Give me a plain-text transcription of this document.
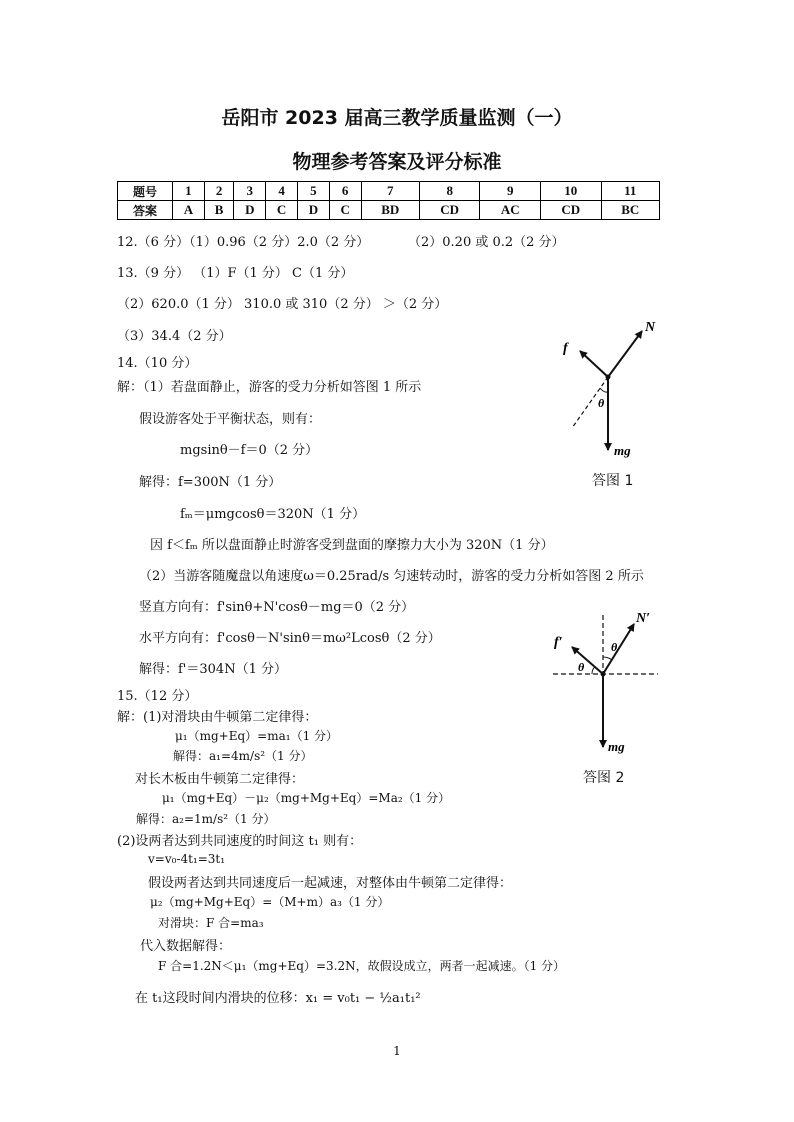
岳阳市 2023 届高三教学质量监测（一）
物理参考答案及评分标准
题号	1	2	3	4	5	6	7	8	9	10	11
答案	A	B	D	C	D	C	BD	CD	AC	CD	BC
12.（6 分）（1）0.96（2 分）2.0（2 分）	（2）0.20 或 0.2（2 分）
13.（9 分） （1）F（1 分） C（1 分）
（2）620.0（1 分） 310.0 或 310（2 分） ＞（2 分）
（3）34.4（2 分）
14.（10 分）
解：（1）若盘面静止，游客的受力分析如答图 1 所示
假设游客处于平衡状态，则有：
mgsinθ－f＝0（2 分）
解得：f=300N（1 分）
fₘ＝μmgcosθ＝320N（1 分）
因 f＜fₘ 所以盘面静止时游客受到盘面的摩擦力大小为 320N（1 分）
（2）当游客随魔盘以角速度ω＝0.25rad/s 匀速转动时，游客的受力分析如答图 2 所示
竖直方向有：f'sinθ+N'cosθ－mg＝0（2 分）
水平方向有：f'cosθ－N'sinθ＝mω²Lcosθ（2 分）
解得：f'＝304N（1 分）
15.（12 分）
解：(1)对滑块由牛顿第二定律得：
μ₁（mg+Eq）=ma₁（1 分）
解得：a₁=4m/s²（1 分）
对长木板由牛顿第二定律得：
μ₁（mg+Eq）－μ₂（mg+Mg+Eq）=Ma₂（1 分）
解得：a₂=1m/s²（1 分）
(2)设两者达到共同速度的时间这 t₁ 则有：
v=v₀-4t₁=3t₁
假设两者达到共同速度后一起减速，对整体由牛顿第二定律得：
μ₂（mg+Mg+Eq）=（M+m）a₃（1 分）
对滑块：F 合=ma₃
代入数据解得：
F 合=1.2N＜μ₁（mg+Eq）=3.2N，故假设成立，两者一起减速。（1 分）
在 t₁这段时间内滑块的位移：x₁ = v₀t₁ − ½a₁t₁²
f
N
θ
mg
答图 1
f′
N′
θ
θ
mg
答图 2
1
